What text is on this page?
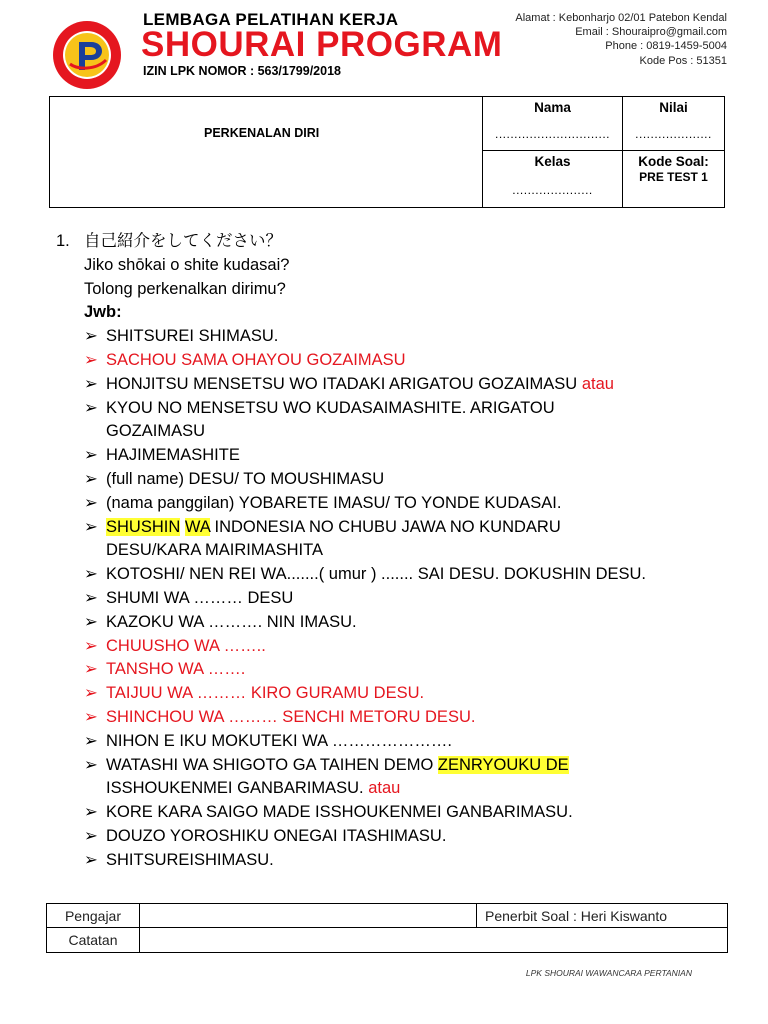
LEMBAGA PELATIHAN KERJA
SHOURAI PROGRAM
IZIN LPK NOMOR : 563/1799/2018
Alamat : Kebonharjo 02/01 Patebon Kendal
Email : Shouraipro@gmail.com
Phone : 0819-1459-5004
Kode Pos : 51351
PERKENALAN DIRI
Nama
..............................
Nilai
....................
Kelas
.....................
Kode Soal:
PRE TEST 1
1. 自己紹介をしてください？
Jiko shōkai o shite kudasai?
Tolong perkenalkan dirimu?
Jwb:
➢ SHITSUREI SHIMASU.
➢ SACHOU SAMA OHAYOU GOZAIMASU
➢ HONJITSU MENSETSU WO ITADAKI ARIGATOU GOZAIMASU atau
➢ KYOU NO MENSETSU WO KUDASAIMASHITE. ARIGATOU
GOZAIMASU
➢ HAJIMEMASHITE
➢ (full name) DESU/ TO MOUSHIMASU
➢ (nama panggilan) YOBARETE IMASU/ TO YONDE KUDASAI.
➢ SHUSHIN WA INDONESIA NO CHUBU JAWA NO KUNDARU
DESU/KARA MAIRIMASHITA
➢ KOTOSHI/ NEN REI WA.......( umur ) ....... SAI DESU. DOKUSHIN DESU.
➢ SHUMI WA ……… DESU
➢ KAZOKU WA ………. NIN IMASU.
➢ CHUUSHO WA ……..
➢ TANSHO WA …….
➢ TAIJUU WA ……… KIRO GURAMU DESU.
➢ SHINCHOU WA ……… SENCHI METORU DESU.
➢ NIHON E IKU MOKUTEKI WA ………………….
➢ WATASHI WA SHIGOTO GA TAIHEN DEMO ZENRYOUKU DE
ISSHOUKENMEI GANBARIMASU. atau
➢ KORE KARA SAIGO MADE ISSHOUKENMEI GANBARIMASU.
➢ DOUZO YOROSHIKU ONEGAI ITASHIMASU.
➢ SHITSUREISHIMASU.
Pengajar	Penerbit Soal : Heri Kiswanto
Catatan
LPK SHOURAI WAWANCARA PERTANIAN
